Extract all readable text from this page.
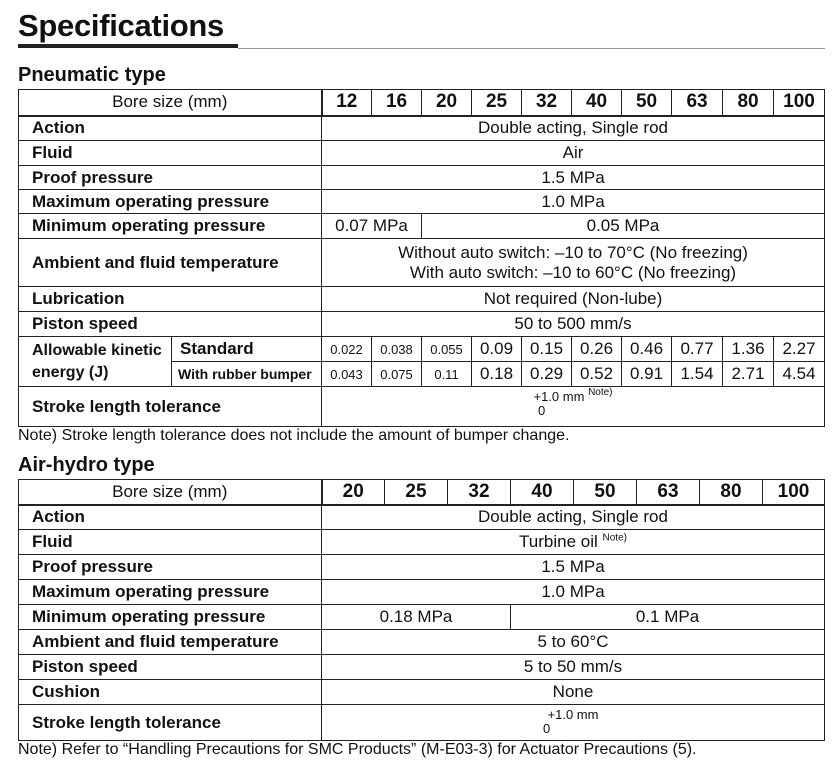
Specifications
Pneumatic type
Bore size (mm)		12	16	20	25	32	40	50	63	80	100
Action		Double acting, Single rod									
Fluid		Air									
Proof pressure		1.5 MPa									
Maximum operating pressure		1.0 MPa									
Minimum operating pressure		0.07 MPa		0.05 MPa							
Ambient and fluid temperature		Without auto switch: –10 to 70°C (No freezing)
With auto switch: –10 to 60°C (No freezing)									

Lubrication		Not required (Non-lube)									
Piston speed		50 to 500 mm/s									
Allowable kinetic energy (J)	Standard	0.022	0.038	0.055	0.09	0.15	0.26	0.46	0.77	1.36	2.27
	With rubber bumper	0.043	0.075	0.11	0.18	0.29	0.52	0.91	1.54	2.71	4.54
Stroke length tolerance		+1.0 mm $^{Note)}$
0									
Note) Stroke length tolerance does not include the amount of bumper change.
Air-hydro type
Bore size (mm)	20	25	32	40	50	63	80	100
Action	Double acting, Single rod							
Fluid	Turbine oil $^{Note)}$
Proof pressure	1.5 MPa							
Maximum operating pressure	1.0 MPa							
Minimum operating pressure	0.18 MPa			0.1 MPa				
Ambient and fluid temperature	5 to 60°C							
Piston speed	5 to 50 mm/s							
Cushion	None							
Stroke length tolerance	+1.0 mm
0							
Note) Refer to “Handling Precautions for SMC Products” (M-E03-3) for Actuator Precautions (5).
